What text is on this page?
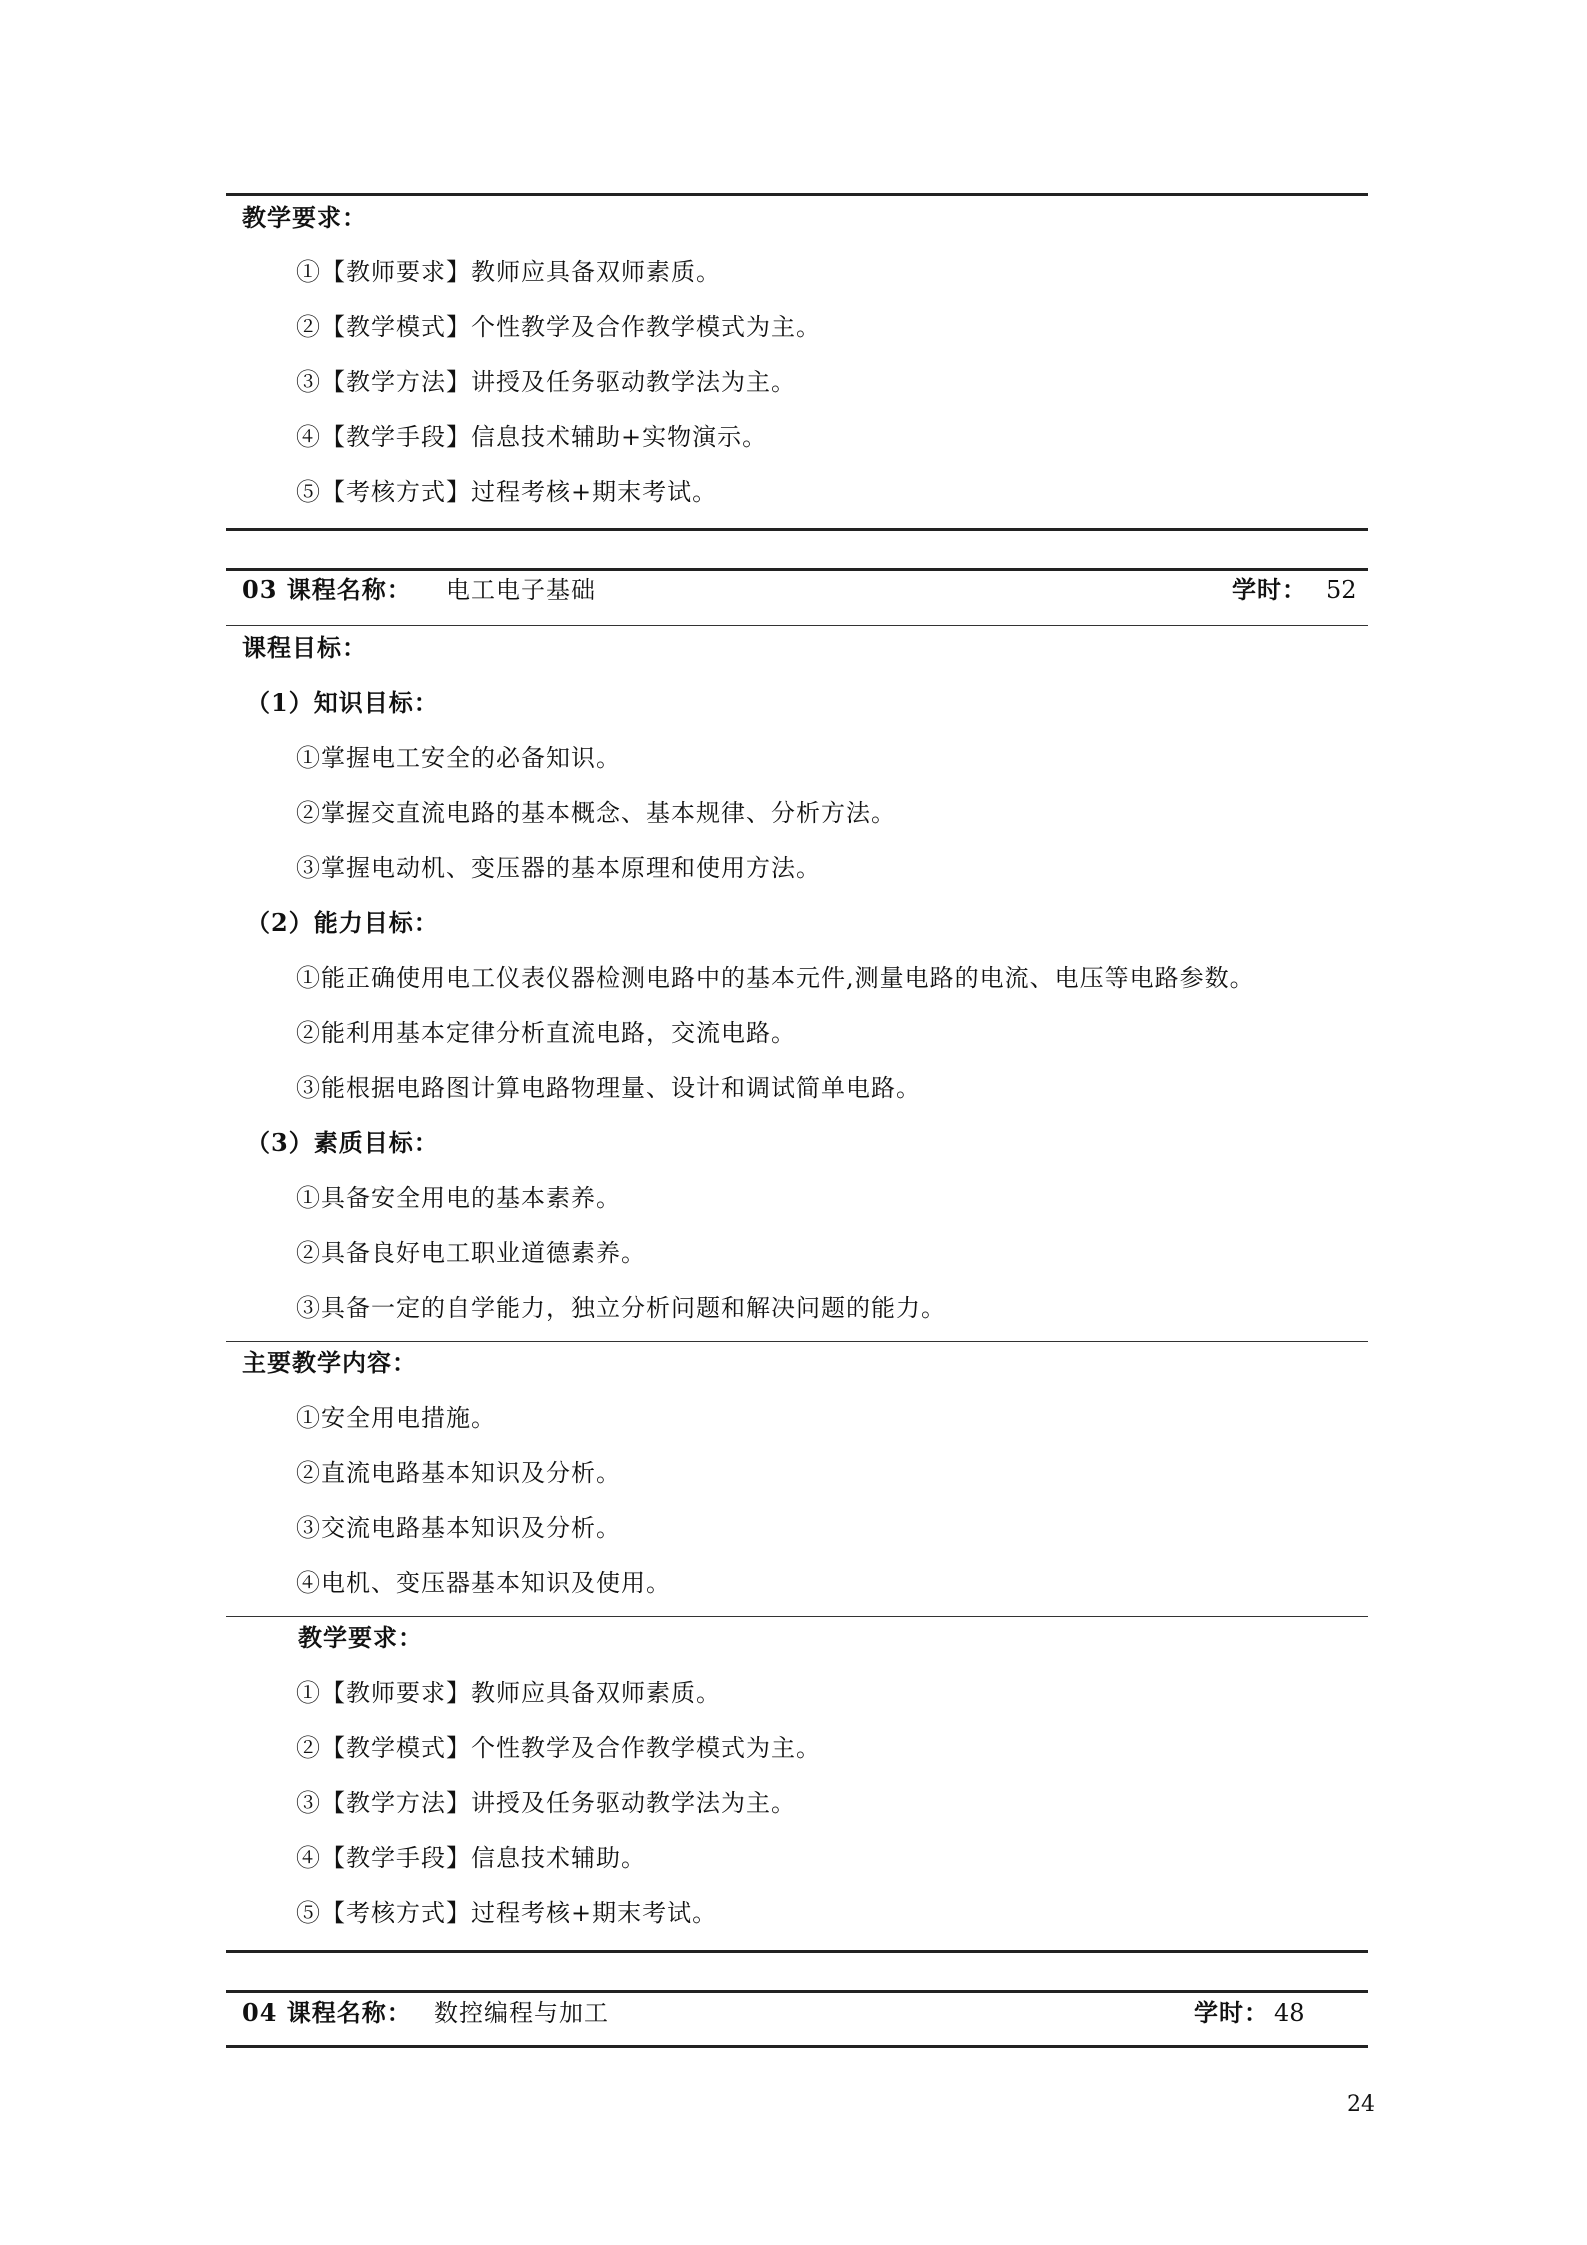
教学要求：
①【教师要求】教师应具备双师素质。
②【教学模式】个性教学及合作教学模式为主。
③【教学方法】讲授及任务驱动教学法为主。
④【教学手段】信息技术辅助+实物演示。
⑤【考核方式】过程考核+期末考试。
03 课程名称： 电工电子基础	学时： 52
课程目标：
（1）知识目标：
①掌握电工安全的必备知识。
②掌握交直流电路的基本概念、基本规律、分析方法。
③掌握电动机、变压器的基本原理和使用方法。
（2）能力目标：
①能正确使用电工仪表仪器检测电路中的基本元件,测量电路的电流、电压等电路参数。
②能利用基本定律分析直流电路，交流电路。
③能根据电路图计算电路物理量、设计和调试简单电路。
（3）素质目标：
①具备安全用电的基本素养。
②具备良好电工职业道德素养。
③具备一定的自学能力，独立分析问题和解决问题的能力。
主要教学内容：
①安全用电措施。
②直流电路基本知识及分析。
③交流电路基本知识及分析。
④电机、变压器基本知识及使用。
教学要求：
①【教师要求】教师应具备双师素质。
②【教学模式】个性教学及合作教学模式为主。
③【教学方法】讲授及任务驱动教学法为主。
④【教学手段】信息技术辅助。
⑤【考核方式】过程考核+期末考试。
04 课程名称： 数控编程与加工	学时： 48
24
